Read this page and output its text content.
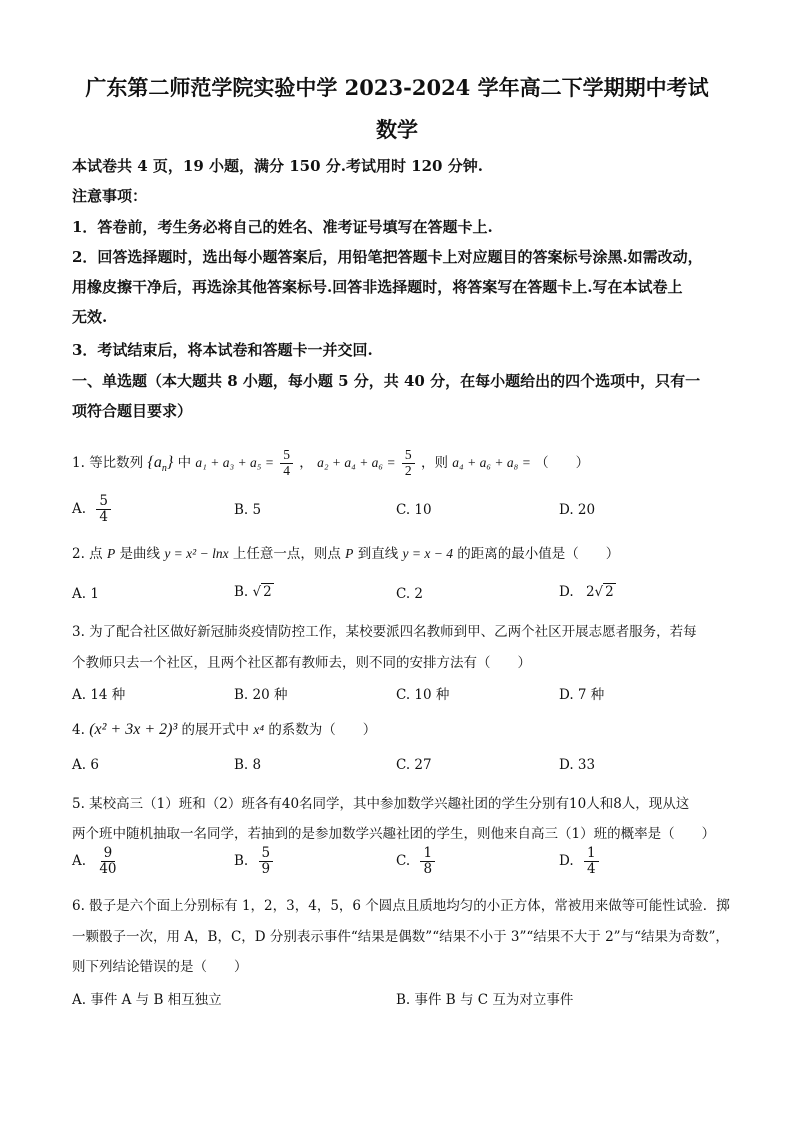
广东第二师范学院实验中学 2023-2024 学年高二下学期期中考试
数学
本试卷共 4 页，19 小题，满分 150 分.考试用时 120 分钟.
注意事项：
1．答卷前，考生务必将自己的姓名、准考证号填写在答题卡上.
2．回答选择题时，选出每小题答案后，用铅笔把答题卡上对应题目的答案标号涂黑.如需改动，
用橡皮擦干净后，再选涂其他答案标号.回答非选择题时，将答案写在答题卡上.写在本试卷上
无效.
3．考试结束后，将本试卷和答题卡一并交回.
一、单选题（本大题共 8 小题，每小题 5 分，共 40 分，在每小题给出的四个选项中，只有一
项符合题目要求）
1. 等比数列 $\{a_n\}$ 中 $a_1 + a_3 + a_5 = \frac{5}{4}$ ， $a_2 + a_4 + a_6 = \frac{5}{2}$ ，则 a₄ + a₆ + a₈ = （　　）
A. $\frac{5}{4}$	B. 5	C. 10	D. 20
2. 点 P 是曲线 y = x² − lnx 上任意一点，则点 P 到直线 y = x − 4 的距离的最小值是（　　）
A. 1	B. √ 2	C. 2	D. 2√ 2
3. 为了配合社区做好新冠肺炎疫情防控工作，某校要派四名教师到甲、乙两个社区开展志愿者服务，若每
个教师只去一个社区，且两个社区都有教师去，则不同的安排方法有（　　）
A. 14 种	B. 20 种	C. 10 种	D. 7 种
4. (x² + 3x + 2)³ 的展开式中 x⁴ 的系数为（　　）
A. 6	B. 8	C. 27	D. 33
5. 某校高三（1）班和（2）班各有40名同学，其中参加数学兴趣社团的学生分别有10人和8人，现从这
两个班中随机抽取一名同学，若抽到的是参加数学兴趣社团的学生，则他来自高三（1）班的概率是（　　）
A. $\frac{9}{40}$	B. $\frac{5}{9}$	C. $\frac{1}{8}$	D. $\frac{1}{4}$
6. 骰子是六个面上分别标有 1，2，3，4，5，6 个圆点且质地均匀的小正方体，常被用来做等可能性试验．掷
一颗骰子一次，用 A，B，C，D 分别表示事件“结果是偶数”“结果不小于 3”“结果不大于 2”与“结果为奇数”，
则下列结论错误的是（　　）
A. 事件 A 与 B 相互独立	B. 事件 B 与 C 互为对立事件
